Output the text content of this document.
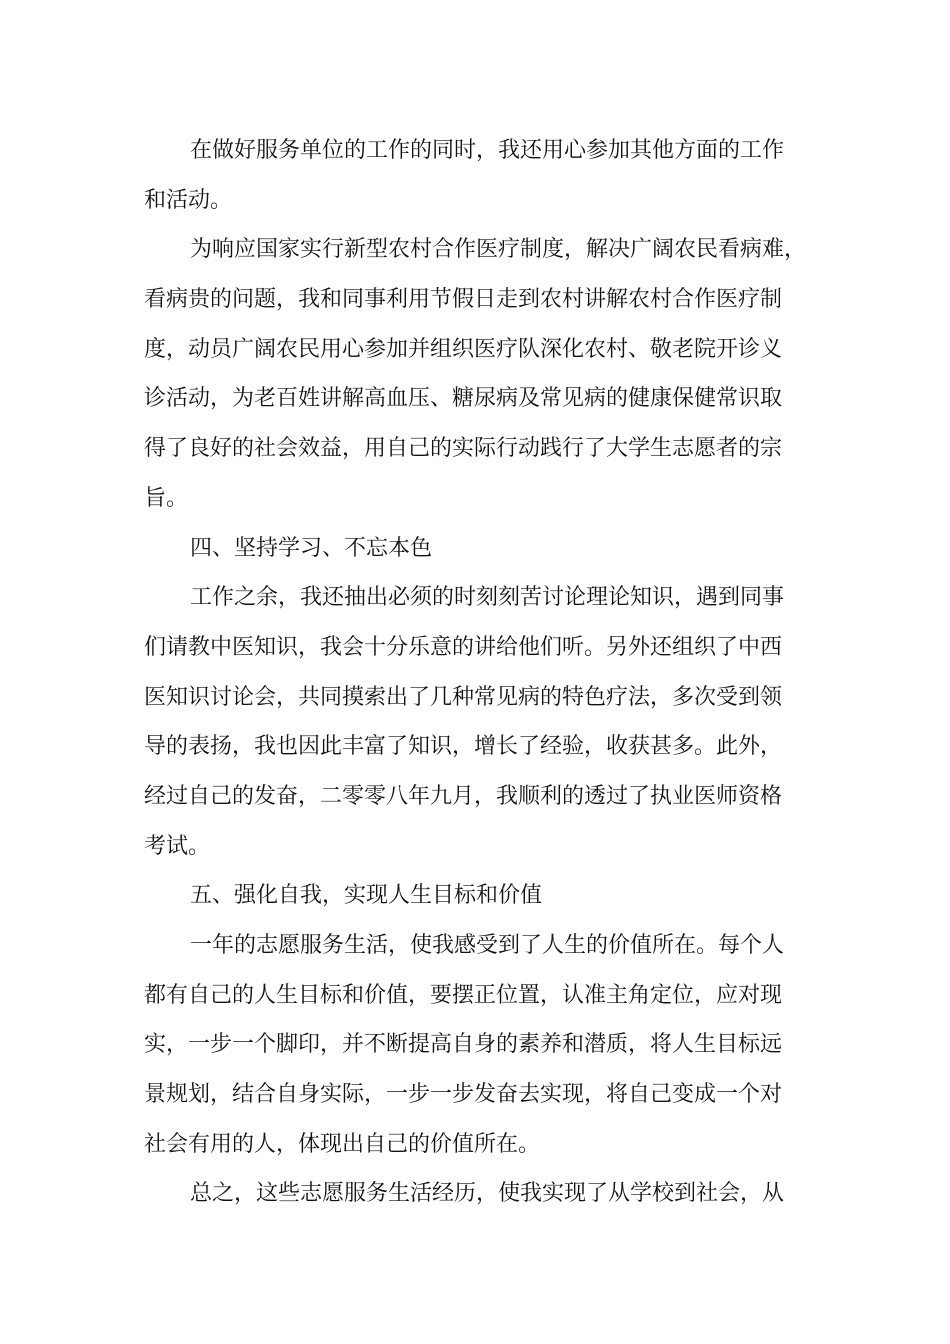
在做好服务单位的工作的同时，我还用心参加其他方面的工作
和活动。
为响应国家实行新型农村合作医疗制度，解决广阔农民看病难，
看病贵的问题，我和同事利用节假日走到农村讲解农村合作医疗制
度，动员广阔农民用心参加并组织医疗队深化农村、敬老院开诊义
诊活动，为老百姓讲解高血压、糖尿病及常见病的健康保健常识取
得了良好的社会效益，用自己的实际行动践行了大学生志愿者的宗
旨。
四、坚持学习、不忘本色
工作之余，我还抽出必须的时刻刻苦讨论理论知识，遇到同事
们请教中医知识，我会十分乐意的讲给他们听。另外还组织了中西
医知识讨论会，共同摸索出了几种常见病的特色疗法，多次受到领
导的表扬，我也因此丰富了知识，增长了经验，收获甚多。此外，
经过自己的发奋，二零零八年九月，我顺利的透过了执业医师资格
考试。
五、强化自我，实现人生目标和价值
一年的志愿服务生活，使我感受到了人生的价值所在。每个人
都有自己的人生目标和价值，要摆正位置，认准主角定位，应对现
实，一步一个脚印，并不断提高自身的素养和潜质，将人生目标远
景规划，结合自身实际，一步一步发奋去实现，将自己变成一个对
社会有用的人，体现出自己的价值所在。
总之，这些志愿服务生活经历，使我实现了从学校到社会，从
